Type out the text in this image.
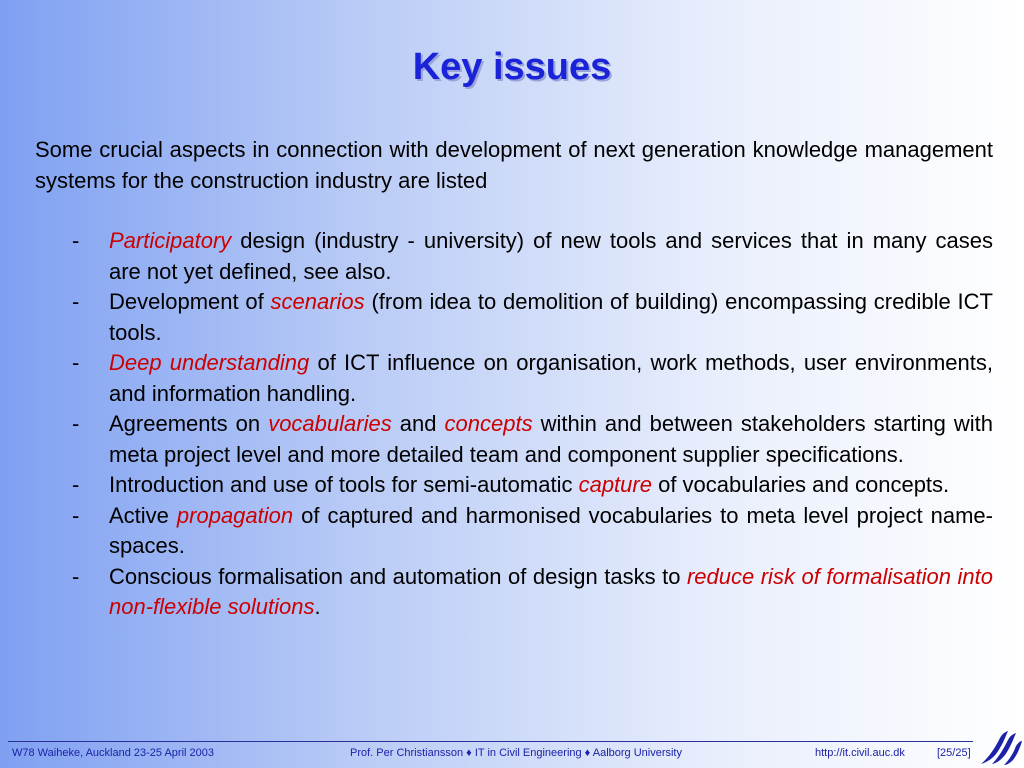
Key issues
Some crucial aspects in connection with development of next generation knowledge management systems for the construction industry are listed
- Participatory design (industry - university) of new tools and services that in many cases are not yet defined, see also.
- Development of scenarios (from idea to demolition of building) encompassing credible ICT tools.
- Deep understanding of ICT influence on organisation, work methods, user environments, and information handling.
- Agreements on vocabularies and concepts within and between stakeholders starting with meta project level and more detailed team and component supplier specifications.
- Introduction and use of tools for semi-automatic capture of vocabularies and concepts.
- Active propagation of captured and harmonised vocabularies to meta level project name-spaces.
- Conscious formalisation and automation of design tasks to reduce risk of formalisation into non-flexible solutions.
W78 Waiheke, Auckland 23-25 April 2003	Prof. Per Christiansson ♦ IT in Civil Engineering ♦ Aalborg University	http://it.civil.auc.dk	[25/25]
